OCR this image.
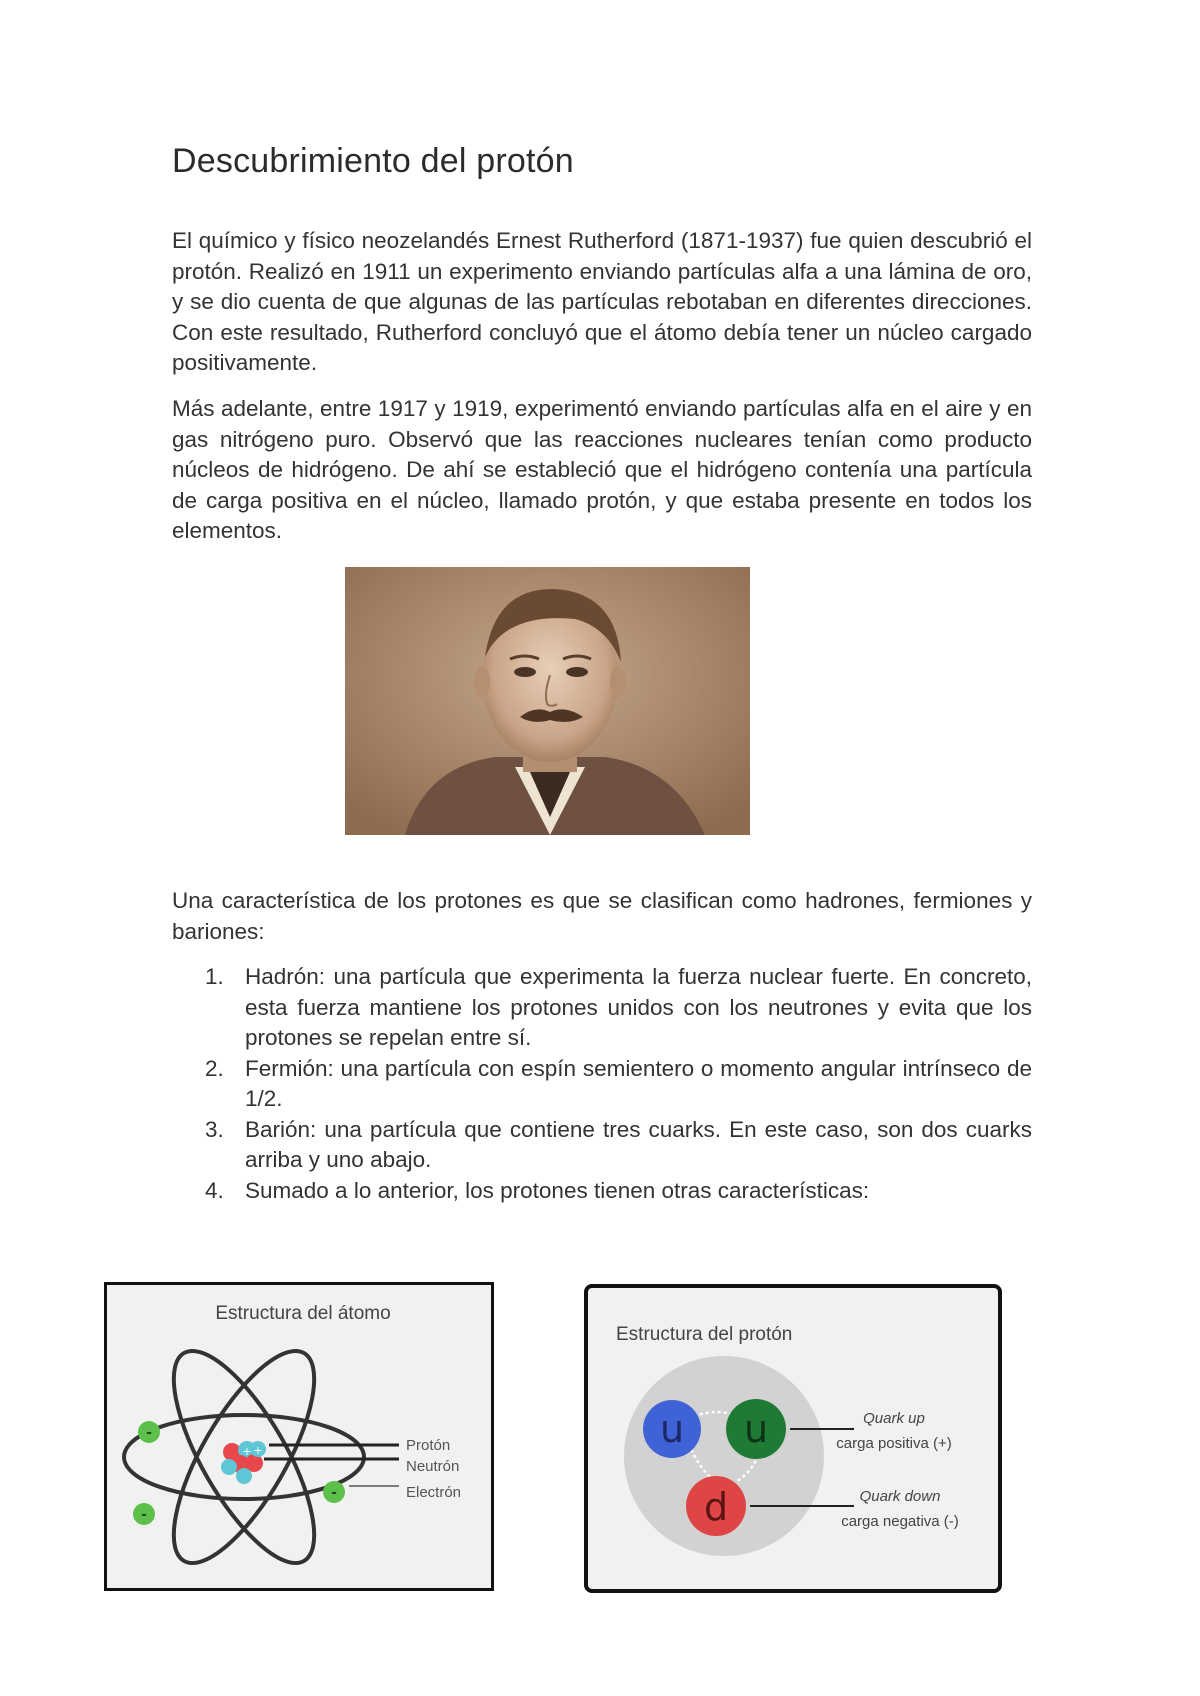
Descubrimiento del protón

El químico y físico neozelandés Ernest Rutherford (1871-1937) fue quien descubrió el protón. Realizó en 1911 un experimento enviando partículas alfa a una lámina de oro, y se dio cuenta de que algunas de las partículas rebotaban en diferentes direcciones. Con este resultado, Rutherford concluyó que el átomo debía tener un núcleo cargado positivamente.

Más adelante, entre 1917 y 1919, experimentó enviando partículas alfa en el aire y en gas nitrógeno puro. Observó que las reacciones nucleares tenían como producto núcleos de hidrógeno. De ahí se estableció que el hidrógeno contenía una partícula de carga positiva en el núcleo, llamado protón, y que estaba presente en todos los elementos.

Una característica de los protones es que se clasifican como hadrones, fermiones y bariones:

1. Hadrón: una partícula que experimenta la fuerza nuclear fuerte. En concreto, esta fuerza mantiene los protones unidos con los neutrones y evita que los protones se repelan entre sí.
2. Fermión: una partícula con espín semientero o momento angular intrínseco de 1/2.
3. Barión: una partícula que contiene tres cuarks. En este caso, son dos cuarks arriba y uno abajo.
4. Sumado a lo anterior, los protones tienen otras características:
Estructura del átomo
+ +
-
-
-
Protón
Neutrón
Electrón
Estructura del protón
u u
d
Quark up
carga positiva (+)
Quark down
carga negativa (-)
